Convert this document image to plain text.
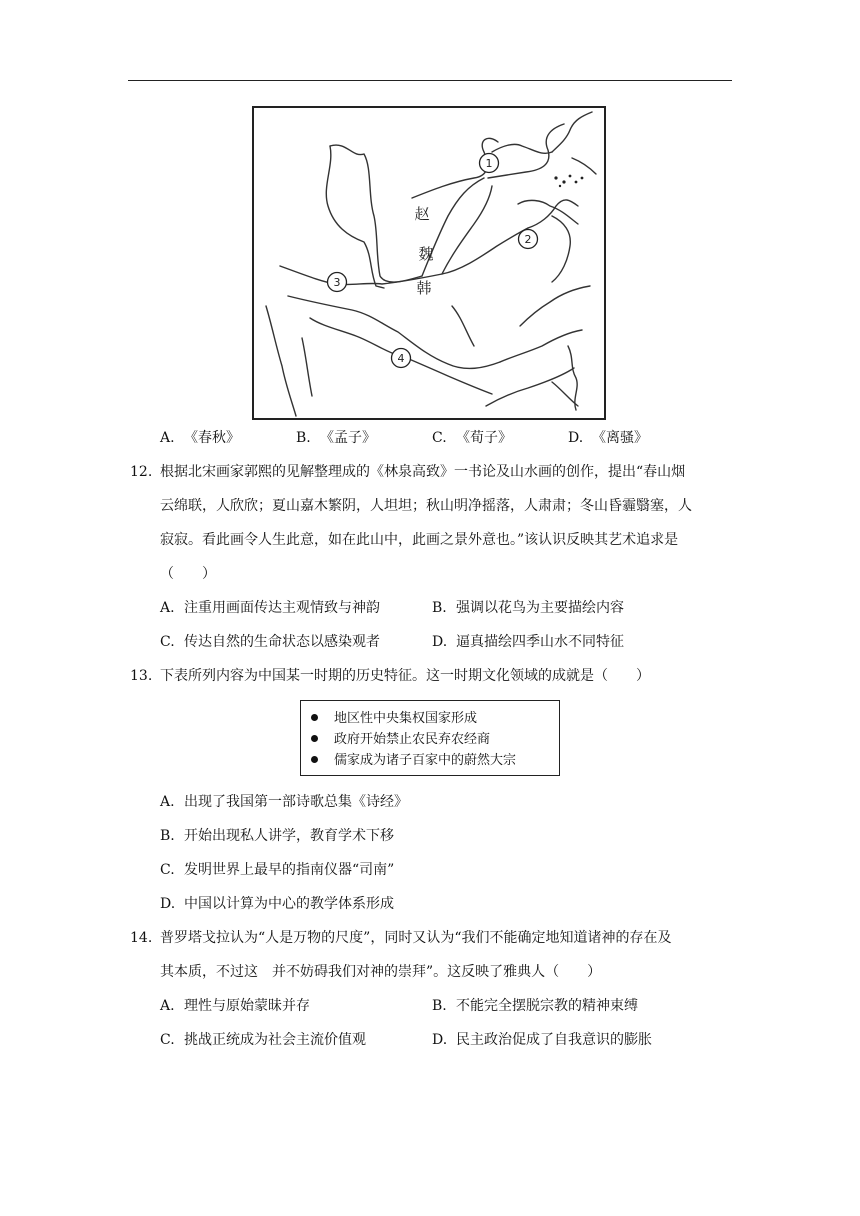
1
2
3
4
赵
魏
韩
A. 《春秋》	B. 《孟子》	C. 《荀子》	D. 《离骚》
12. 根据北宋画家郭熙的见解整理成的《林泉高致》一书论及山水画的创作，提出“春山烟
云绵联，人欣欣；夏山嘉木繁阴，人坦坦；秋山明净摇落，人肃肃；冬山昏霾翳塞，人
寂寂。看此画令人生此意，如在此山中，此画之景外意也。”该认识反映其艺术追求是
（　　）
A. 注重用画面传达主观情致与神韵	B. 强调以花鸟为主要描绘内容
C. 传达自然的生命状态以感染观者	D. 逼真描绘四季山水不同特征
13. 下表所列内容为中国某一时期的历史特征。这一时期文化领域的成就是（　　）
地区性中央集权国家形成
政府开始禁止农民弃农经商
儒家成为诸子百家中的蔚然大宗
A. 出现了我国第一部诗歌总集《诗经》
B. 开始出现私人讲学，教育学术下移
C. 发明世界上最早的指南仪器“司南”
D. 中国以计算为中心的教学体系形成
14. 普罗塔戈拉认为“人是万物的尺度”，同时又认为“我们不能确定地知道诸神的存在及
其本质，不过这　并不妨碍我们对神的崇拜”。这反映了雅典人（　　）
A. 理性与原始蒙昧并存	B. 不能完全摆脱宗教的精神束缚
C. 挑战正统成为社会主流价值观	D. 民主政治促成了自我意识的膨胀
